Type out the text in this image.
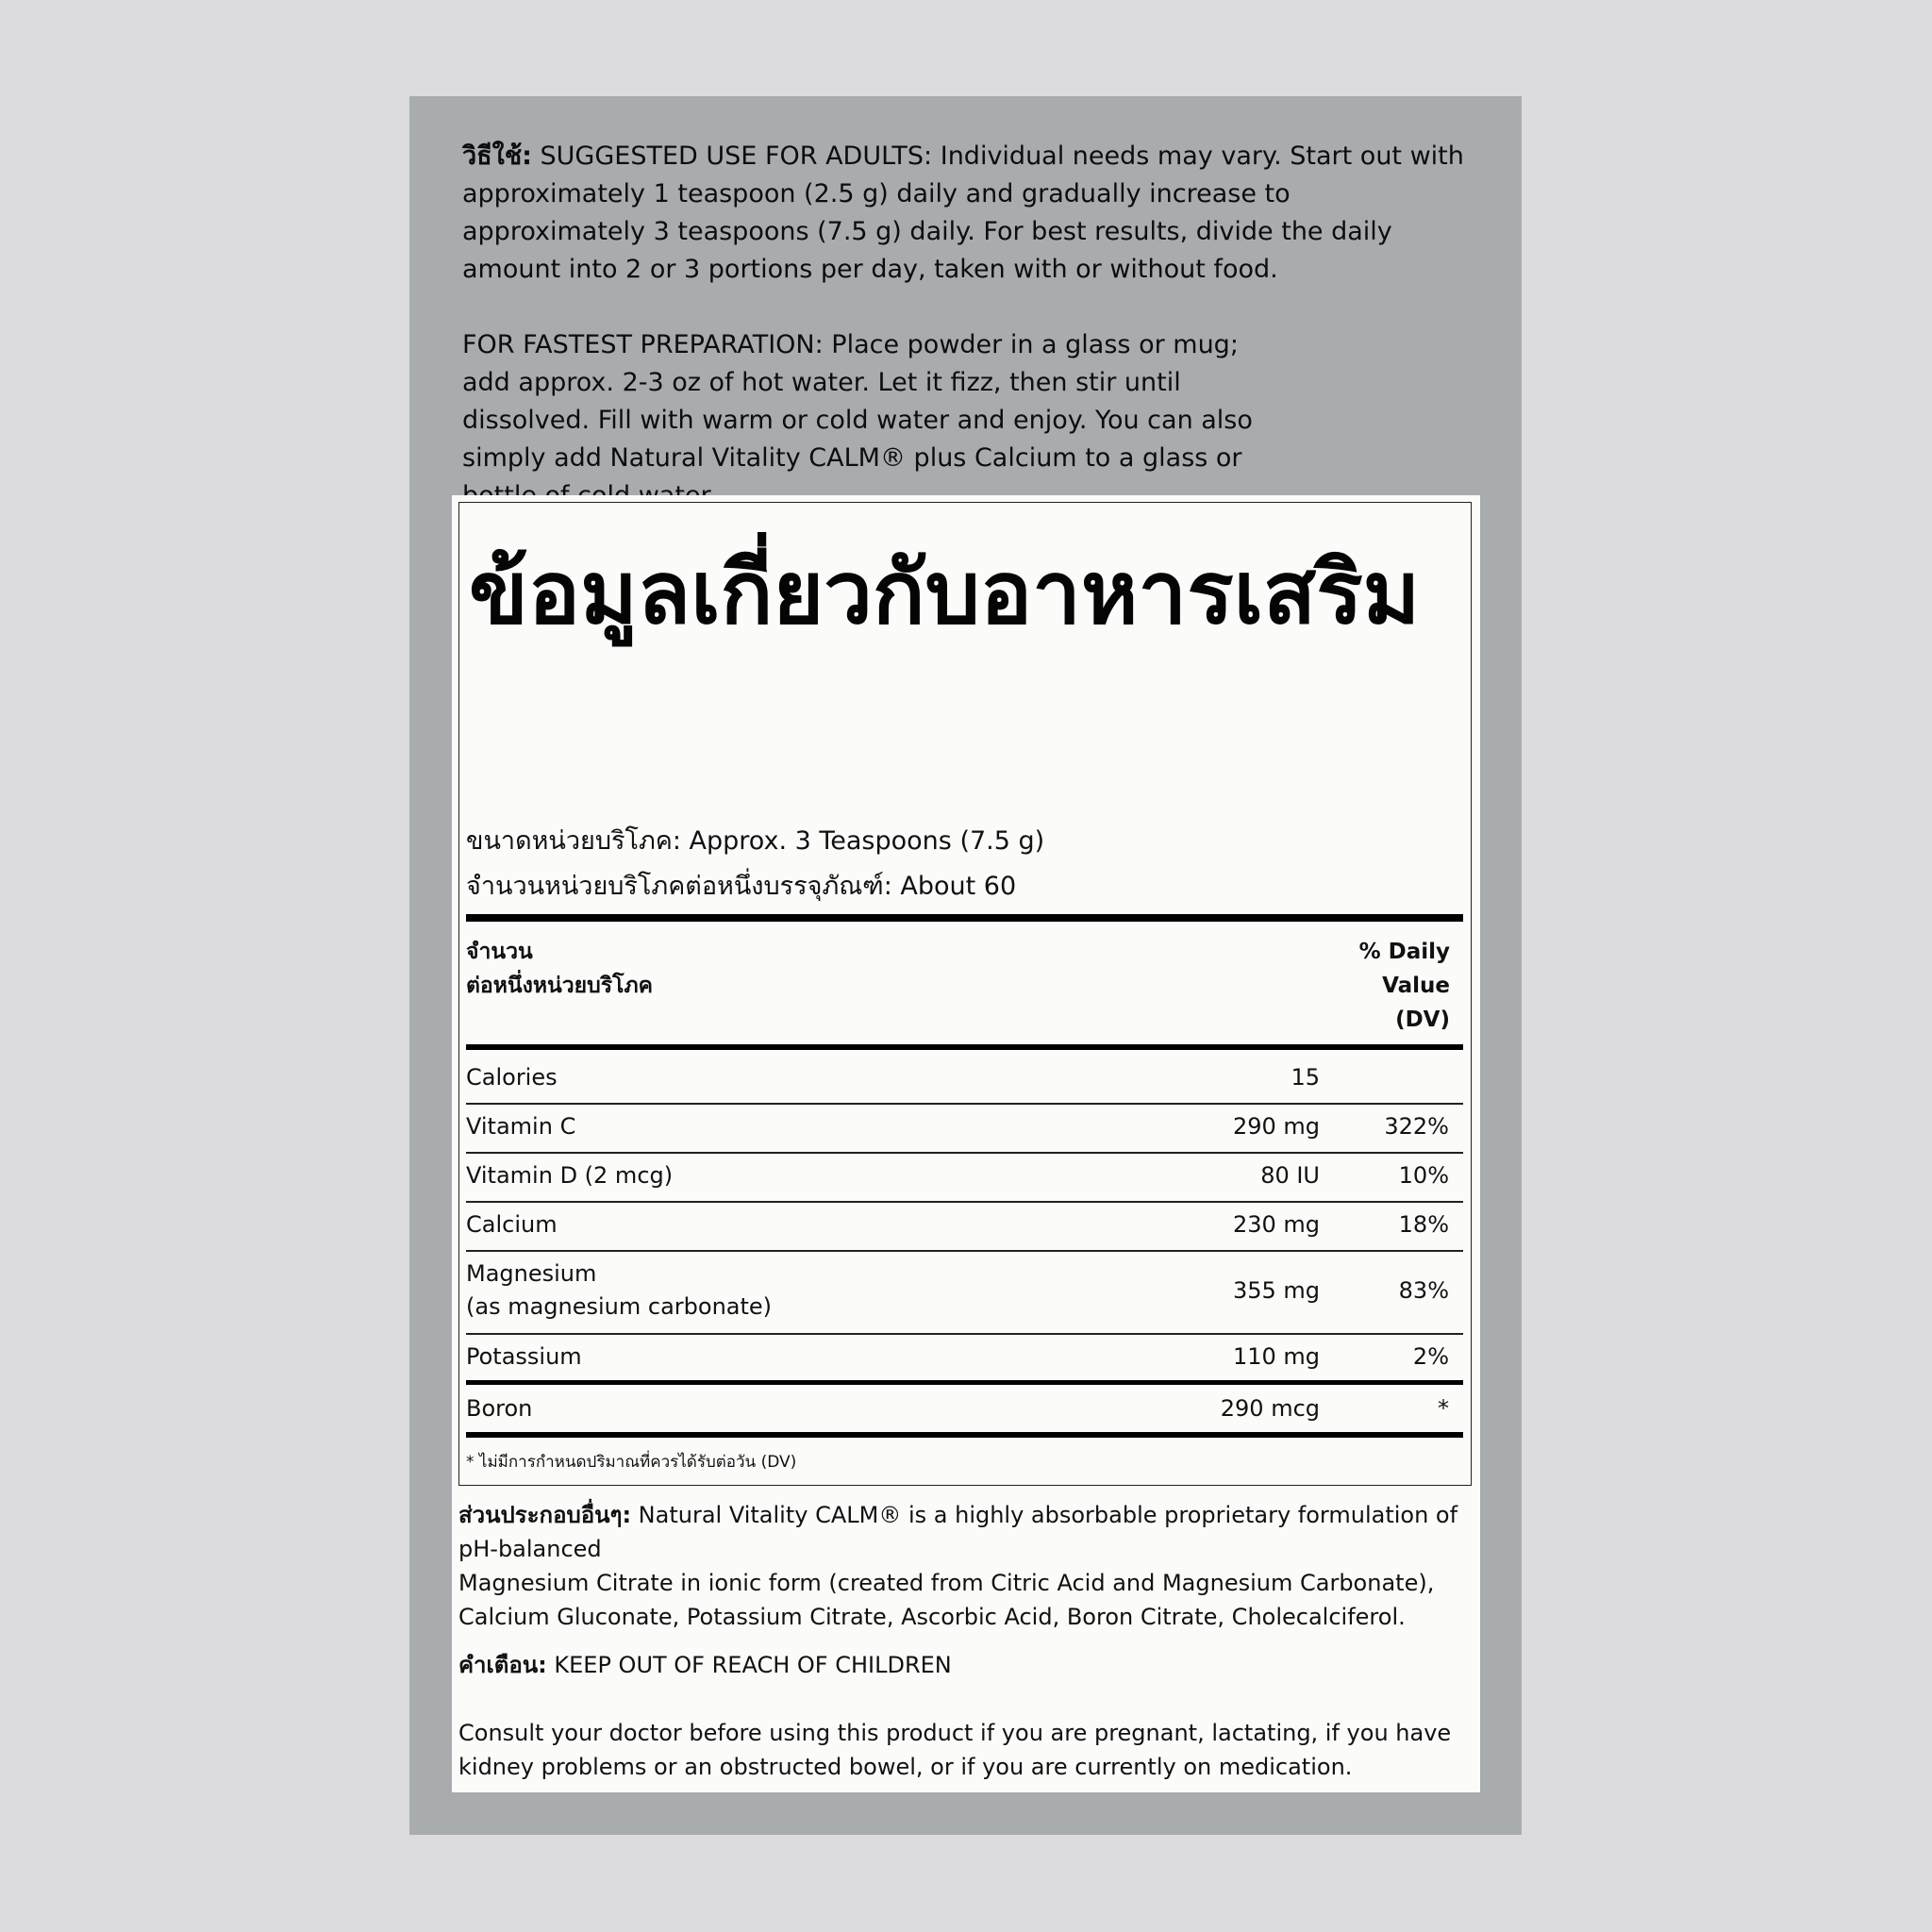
วิธีใช้: SUGGESTED USE FOR ADULTS: Individual needs may vary. Start out with approximately 1 teaspoon (2.5 g) daily and gradually increase to approximately 3 teaspoons (7.5 g) daily. For best results, divide the daily amount into 2 or 3 portions per day, taken with or without food.

FOR FASTEST PREPARATION: Place powder in a glass or mug; add approx. 2-3 oz of hot water. Let it fizz, then stir until dissolved. Fill with warm or cold water and enjoy. You can also simply add Natural Vitality CALM® plus Calcium to a glass or

ข้อมูลเกี่ยวกับอาหารเสริม
ขนาดหน่วยบริโภค: Approx. 3 Teaspoons (7.5 g)
จำนวนหน่วยบริโภคต่อหนึ่งบรรจุภัณฑ์: About 60
จำนวน
ต่อหนึ่งหน่วยบริโภค
% Daily
Value
(DV)
Calories	15
Vitamin C	290 mg	322%
Vitamin D (2 mcg)	80 IU	10%
Calcium	230 mg	18%
Magnesium
(as magnesium carbonate)
355 mg	83%
Potassium	110 mg	2%
Boron	290 mcg	*
* ไม่มีการกำหนดปริมาณที่ควรได้รับต่อวัน (DV)

ส่วนประกอบอื่นๆ: Natural Vitality CALM® is a highly absorbable proprietary formulation of pH-balanced

Magnesium Citrate in ionic form (created from Citric Acid and Magnesium Carbonate), Calcium Gluconate, Potassium Citrate, Ascorbic Acid, Boron Citrate, Cholecalciferol.

คำเตือน: KEEP OUT OF REACH OF CHILDREN

Consult your doctor before using this product if you are pregnant, lactating, if you have kidney problems or an obstructed bowel, or if you are currently on medication.
